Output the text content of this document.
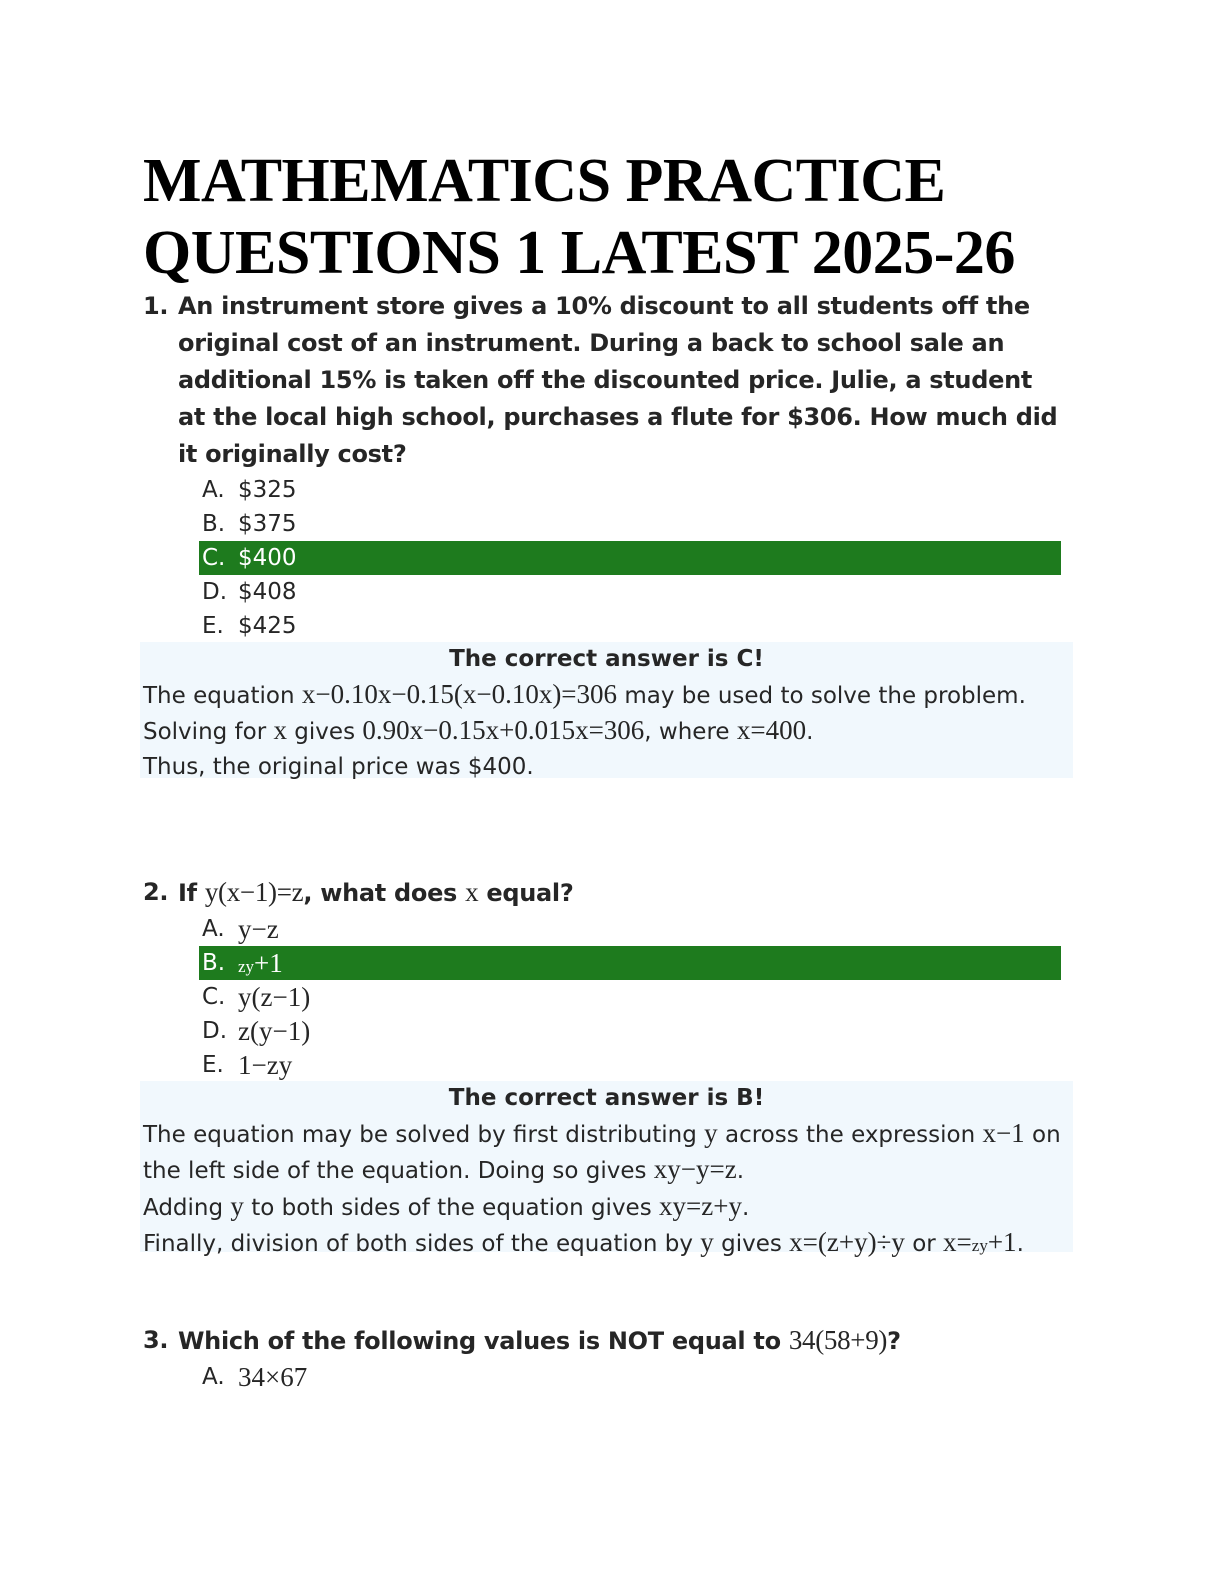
MATHEMATICS PRACTICE
QUESTIONS 1 LATEST 2025-26
1. An instrument store gives a 10% discount to all students off the original cost of an instrument. During a back to school sale an additional 15% is taken off the discounted price. Julie, a student at the local high school, purchases a flute for $306. How much did it originally cost?
A. $325
B. $375
C. $400
D. $408
E. $425
The correct answer is C!
The equation x−0.10x−0.15(x−0.10x)=306 may be used to solve the problem.
Solving for x gives 0.90x−0.15x+0.015x=306, where x=400.
Thus, the original price was $400.
2. If y(x−1)=z, what does x equal?
A. y−z
B. zy+1
C. y(z−1)
D. z(y−1)
E. 1−zy
The correct answer is B!
The equation may be solved by first distributing y across the expression x−1 on
the left side of the equation. Doing so gives xy−y=z.
Adding y to both sides of the equation gives xy=z+y.
Finally, division of both sides of the equation by y gives x=(z+y)÷y or x=zy+1.
3. Which of the following values is NOT equal to 34(58+9)?
A. 34×67
